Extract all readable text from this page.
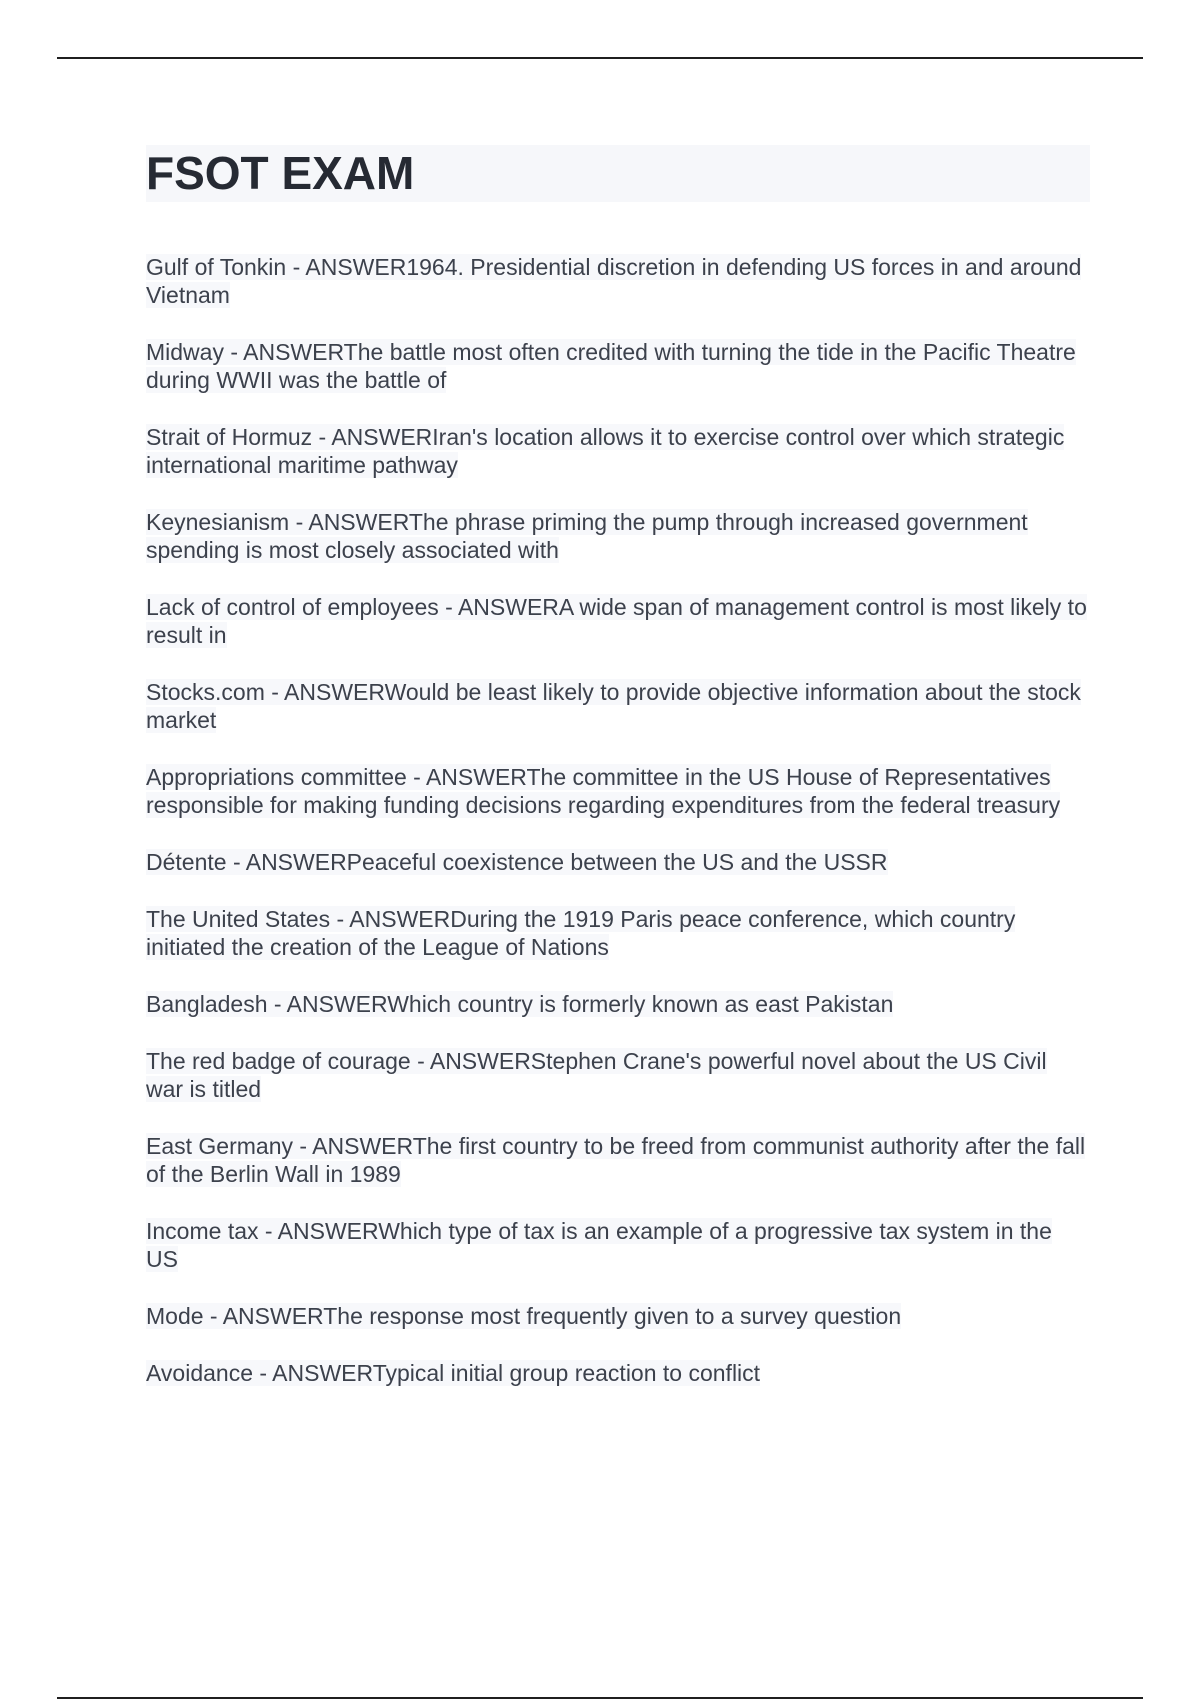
FSOT EXAM
Gulf of Tonkin - ANSWER1964. Presidential discretion in defending US forces in and around Vietnam
Midway - ANSWERThe battle most often credited with turning the tide in the Pacific Theatre during WWII was the battle of
Strait of Hormuz - ANSWERIran's location allows it to exercise control over which strategic international maritime pathway
Keynesianism - ANSWERThe phrase priming the pump through increased government spending is most closely associated with
Lack of control of employees - ANSWERA wide span of management control is most likely to result in
Stocks.com - ANSWERWould be least likely to provide objective information about the stock market
Appropriations committee - ANSWERThe committee in the US House of Representatives responsible for making funding decisions regarding expenditures from the federal treasury
Détente - ANSWERPeaceful coexistence between the US and the USSR
The United States - ANSWERDuring the 1919 Paris peace conference, which country initiated the creation of the League of Nations
Bangladesh - ANSWERWhich country is formerly known as east Pakistan
The red badge of courage - ANSWERStephen Crane's powerful novel about the US Civil war is titled
East Germany - ANSWERThe first country to be freed from communist authority after the fall of the Berlin Wall in 1989
Income tax - ANSWERWhich type of tax is an example of a progressive tax system in the US
Mode - ANSWERThe response most frequently given to a survey question
Avoidance - ANSWERTypical initial group reaction to conflict
